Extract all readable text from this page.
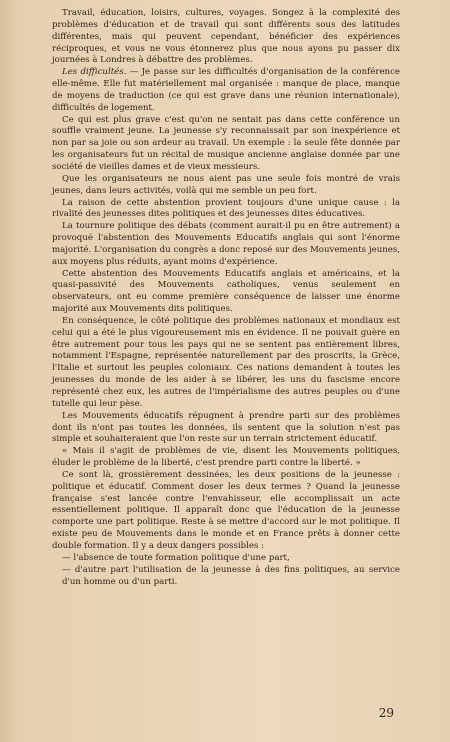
Travail, éducation, loisirs, cultures, voyages. Songez à la complexité des problèmes d'éducation et de travail qui sont différents sous des latitudes différentes, mais qui peuvent cependant, bénéficier des expériences réciproques, et vous ne vous étonnerez plus que nous ayons pu passer dix journées à Londres à débattre des problèmes.

Les difficultés. — Je passe sur les difficultés d'organisation de la conférence elle-même. Elle fut matériellement mal organisée : manque de place, manque de moyens de traduction (ce qui est grave dans une réunion internationale), difficultés de logement.

Ce qui est plus grave c'est qu'on ne sentait pas dans cette conférence un souffle vraiment jeune. La jeunesse s'y reconnaissait par son inexpérience et non par sa joie ou son ardeur au travail. Un exemple : la seule fête donnée par les organisateurs fut un récital de musique ancienne anglaise donnée par une société de vieilles dames et de vieux messieurs.

Que les organisateurs ne nous aient pas une seule fois montré de vrais jeunes, dans leurs activités, voilà qui me semble un peu fort.

La raison de cette abstention provient toujours d'une unique cause : la rivalité des jeunesses dites politiques et des jeunesses dites éducatives.

La tournure politique des débats (comment aurait-il pu en être autrement) a provoqué l'abstention des Mouvements Educatifs anglais qui sont l'énorme majorité. L'organisation du congrès a donc reposé sur des Mouvements jeunes, aux moyens plus réduits, ayant moins d'expérience.

Cette abstention des Mouvements Educatifs anglais et américains, et la quasi-passivité des Mouvements catholiques, venus seulement en observateurs, ont eu comme première conséquence de laisser une énorme majorité aux Mouvements dits politiques.

En conséquence, le côté politique des problèmes nationaux et mondiaux est celui qui a été le plus vigoureusement mis en évidence. Il ne pouvait guère en être autrement pour tous les pays qui ne se sentent pas entièrement libres, notamment l'Espagne, représentée naturellement par des proscrits, la Grèce, l'Italie et surtout les peuples coloniaux. Ces nations demandent à toutes les jeunesses du monde de les aider à se libérer, les uns du fascisme encore représenté chez eux, les autres de l'impérialisme des autres peuples ou d'une tutelle qui leur pèse.

Les Mouvements éducatifs répugnent à prendre parti sur des problèmes dont ils n'ont pas toutes les données, ils sentent que la solution n'est pas simple et souhaiteraient que l'on reste sur un terrain strictement éducatif.

« Mais il s'agit de problèmes de vie, disent les Mouvements politiques, éluder le problème de la liberté, c'est prendre parti contre la liberté. »

Ce sont là, grossièrement dessinées, les deux positions de la jeunesse : politique et éducatif. Comment doser les deux termes ? Quand la jeunesse française s'est lancée contre l'envahisseur, elle accomplissait un acte essentiellement politique. Il apparaît donc que l'éducation de la jeunesse comporte une part politique. Reste à se mettre d'accord sur le mot politique. Il existe peu de Mouvements dans le monde et en France prêts à donner cette double formation. Il y a deux dangers possibles :

— l'absence de toute formation politique d'une part,

— d'autre part l'utilisation de la jeunesse à des fins politiques, au service d'un homme ou d'un parti.

29
